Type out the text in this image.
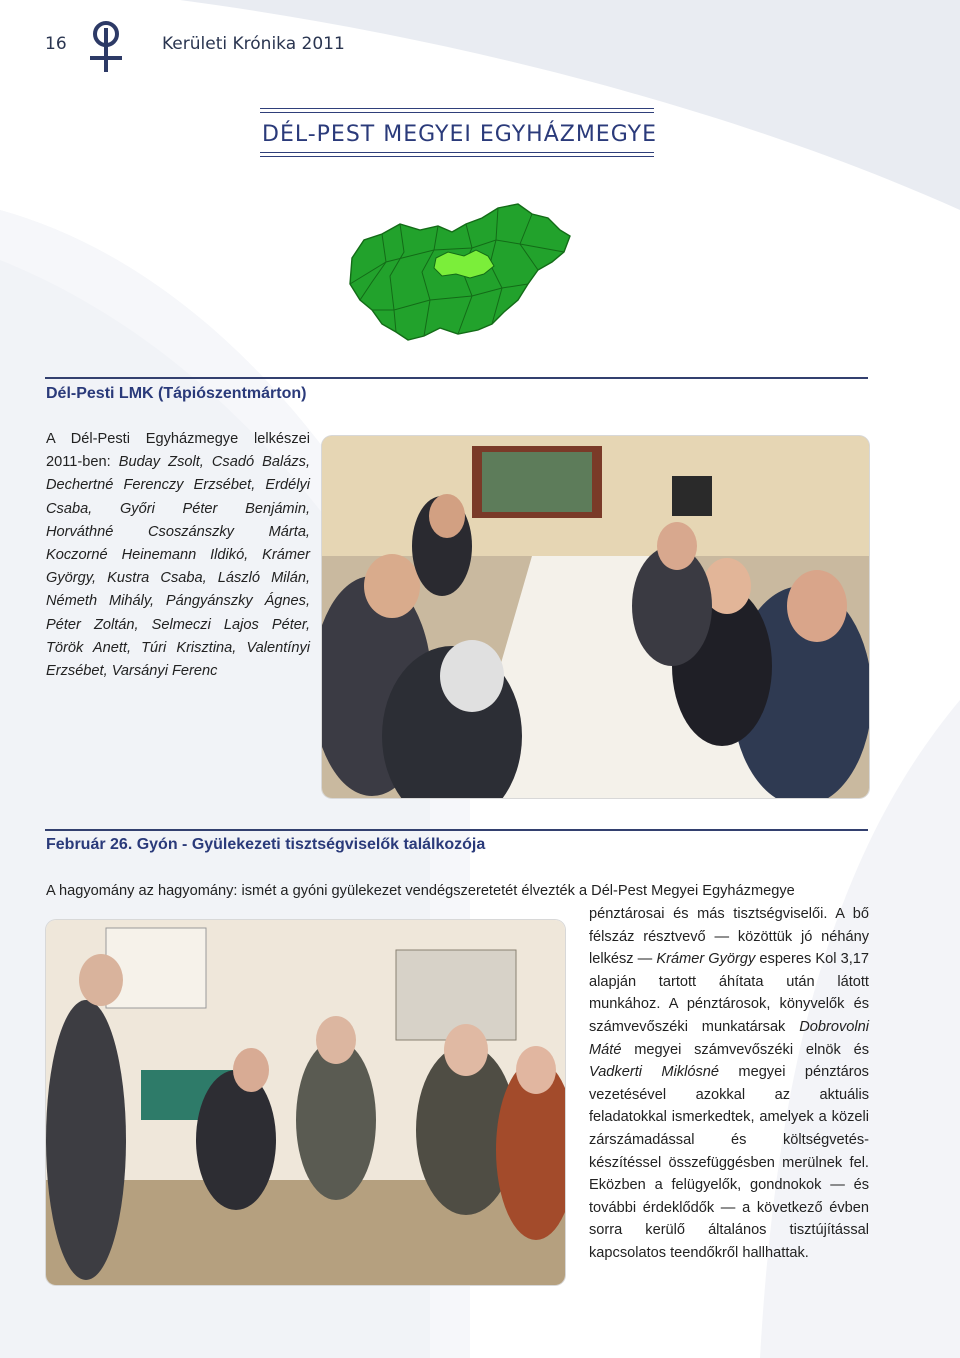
16	Kerületi Krónika 2011
DÉL-PEST MEGYEI EGYHÁZMEGYE
Dél-Pesti LMK (Tápiószentmárton)
A Dél-Pesti Egyházmegye lelkészei 2011-ben: Buday Zsolt, Csadó Balázs, Dechertné Ferenczy Erzsébet, Erdélyi Csaba, Győri Péter Benjámin, Horváthné Csoszánszky Márta, Koczorné Heinemann Ildikó, Krámer György, Kustra Csaba, László Milán, Németh Mihály, Pángyánszky Ágnes, Péter Zoltán, Selmeczi Lajos Péter, Török Anett, Túri Krisztina, Valentínyi Erzsébet, Varsányi Ferenc
Február 26. Gyón - Gyülekezeti tisztségviselők találkozója
A hagyomány az hagyomány: ismét a gyóni gyülekezet vendégszeretetét élvezték a Dél-Pest Megyei Egyházmegye
pénztárosai és más tisztségviselői. A bő félszáz résztvevő — közöttük jó néhány lelkész — Krámer György esperes Kol 3,17 alapján tartott áhítata után látott munkához. A pénztárosok, könyvelők és számvevőszéki munkatársak Dobrovolni Máté megyei számvevőszéki elnök és Vadkerti Miklósné megyei pénztáros vezetésével azokkal az aktuális feladatokkal ismerkedtek, amelyek a közeli zárszámadással és költségvetés-készítéssel összefüggésben merülnek fel. Eközben a felügyelők, gondnokok — és további érdeklődők — a következő évben sorra kerülő általános tisztújítással kapcsolatos teendőkről hallhattak.
